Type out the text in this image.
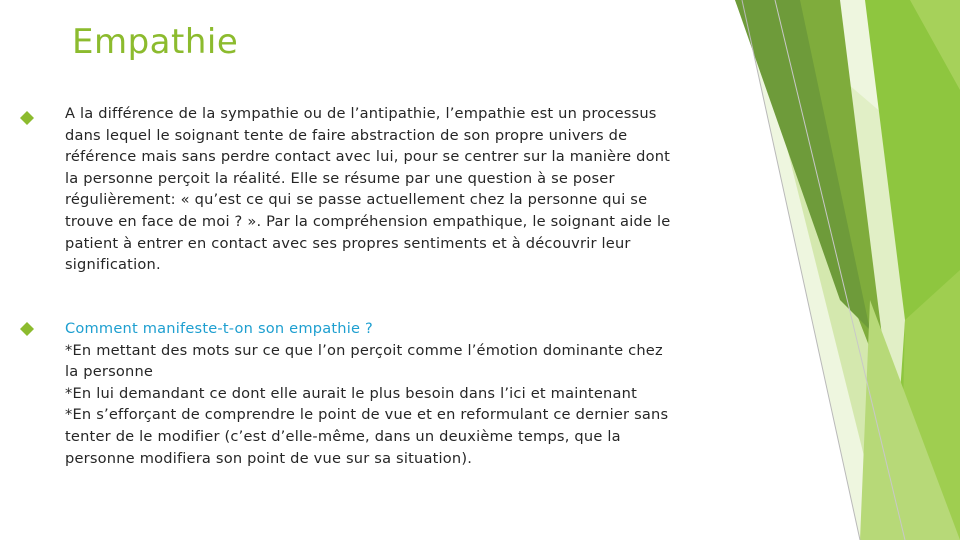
Empathie
A la différence de la sympathie ou de l’antipathie, l’empathie est un processus
dans lequel le soignant tente de faire abstraction de son propre univers de
référence mais sans perdre contact avec lui, pour se centrer sur la manière dont
la personne perçoit la réalité. Elle se résume par une question à se poser
régulièrement: « qu’est ce qui se passe actuellement chez la personne qui se
trouve en face de moi ? ». Par la compréhension empathique, le soignant aide le
patient à entrer en contact avec ses propres sentiments et à découvrir leur
signification.
Comment manifeste-t-on son empathie ?
*En mettant des mots sur ce que l’on perçoit comme l’émotion dominante chez
la personne
*En lui demandant ce dont elle aurait le plus besoin dans l’ici et maintenant
*En s’efforçant de comprendre le point de vue et en reformulant ce dernier sans
tenter de le modifier (c’est d’elle-même, dans un deuxième temps, que la
personne modifiera son point de vue sur sa situation).
